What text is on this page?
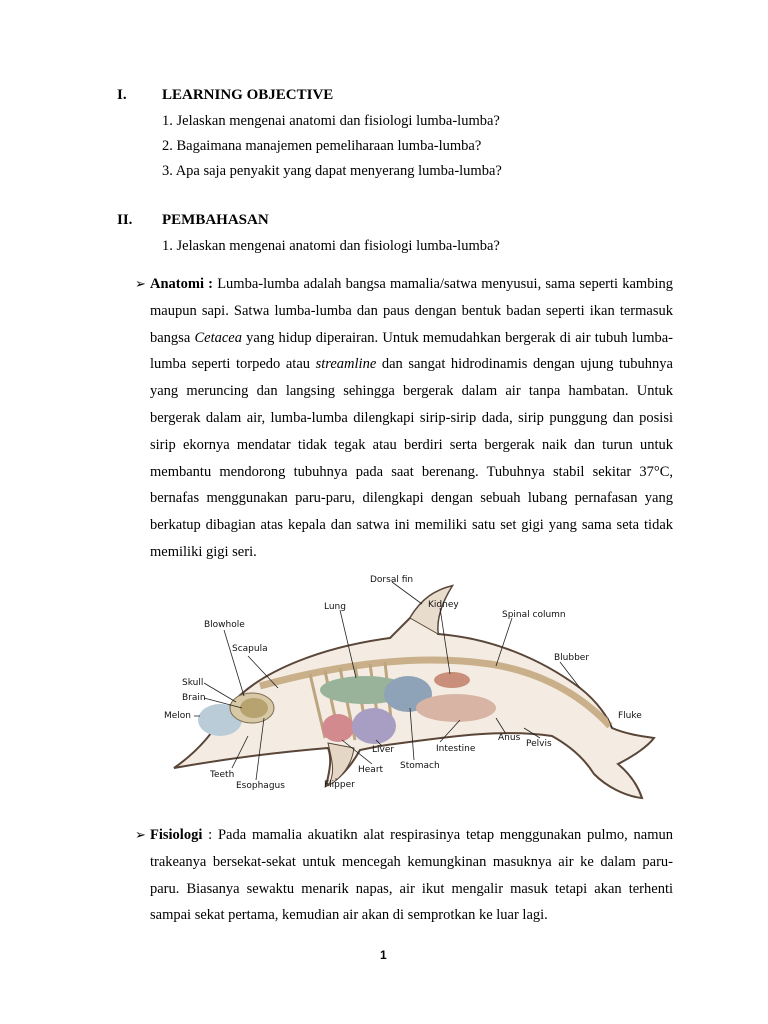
I. LEARNING OBJECTIVE
1. Jelaskan mengenai anatomi dan fisiologi lumba-lumba?
2. Bagaimana manajemen pemeliharaan lumba-lumba?
3. Apa saja penyakit yang dapat menyerang lumba-lumba?
II. PEMBAHASAN
1. Jelaskan mengenai anatomi dan fisiologi lumba-lumba?
➢ Anatomi : Lumba-lumba adalah bangsa mamalia/satwa menyusui, sama seperti kambing maupun sapi. Satwa lumba-lumba dan paus dengan bentuk badan seperti ikan termasuk bangsa Cetacea yang hidup diperairan. Untuk memudahkan bergerak di air tubuh lumba-lumba seperti torpedo atau streamline dan sangat hidrodinamis dengan ujung tubuhnya yang meruncing dan langsing sehingga bergerak dalam air tanpa hambatan. Untuk bergerak dalam air, lumba-lumba dilengkapi sirip-sirip dada, sirip punggung dan posisi sirip ekornya mendatar tidak tegak atau berdiri serta bergerak naik dan turun untuk membantu mendorong tubuhnya pada saat berenang. Tubuhnya stabil sekitar 37°C, bernafas menggunakan paru-paru, dilengkapi dengan sebuah lubang pernafasan yang berkatup dibagian atas kepala dan satwa ini memiliki satu set gigi yang sama seta tidak memiliki gigi seri.
Dorsal fin
Lung	Kidney
Spinal column
Blowhole
Scapula
Blubber
Skull
Brain
Melon	Fluke
Anus
Pelvis
Liver	Intestine
Heart Stomach
Teeth
Esophagus	Flipper
➢ Fisiologi : Pada mamalia akuatikn alat respirasinya tetap menggunakan pulmo, namun trakeanya bersekat-sekat untuk mencegah kemungkinan masuknya air ke dalam paru-paru. Biasanya sewaktu menarik napas, air ikut mengalir masuk tetapi akan terhenti sampai sekat pertama, kemudian air akan di semprotkan ke luar lagi.
1
